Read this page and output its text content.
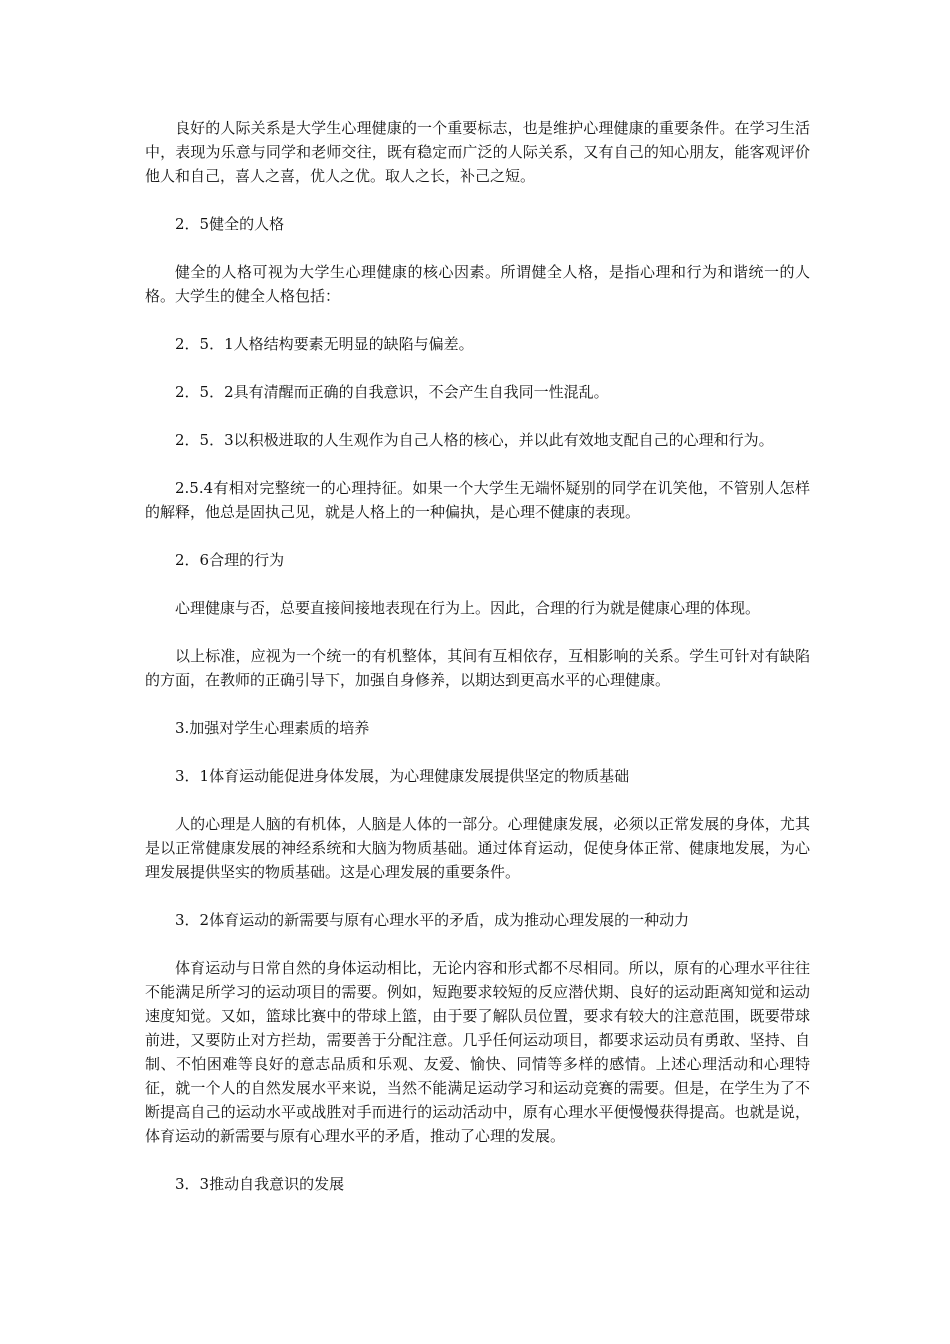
良好的人际关系是大学生心理健康的一个重要标志，也是维护心理健康的重要条件。在学习生活中，表现为乐意与同学和老师交往，既有稳定而广泛的人际关系，又有自己的知心朋友，能客观评价他人和自己，喜人之喜，优人之优。取人之长，补己之短。

2．5健全的人格

健全的人格可视为大学生心理健康的核心因素。所谓健全人格，是指心理和行为和谐统一的人格。大学生的健全人格包括：

2．5．1人格结构要素无明显的缺陷与偏差。

2．5．2具有清醒而正确的自我意识，不会产生自我同一性混乱。

2．5．3以积极进取的人生观作为自己人格的核心，并以此有效地支配自己的心理和行为。

2.5.4有相对完整统一的心理持征。如果一个大学生无端怀疑别的同学在讥笑他，不管别人怎样的解释，他总是固执己见，就是人格上的一种偏执，是心理不健康的表现。

2．6合理的行为

心理健康与否，总要直接间接地表现在行为上。因此，合理的行为就是健康心理的体现。

以上标准，应视为一个统一的有机整体，其间有互相依存，互相影响的关系。学生可针对有缺陷的方面，在教师的正确引导下，加强自身修养，以期达到更高水平的心理健康。

3.加强对学生心理素质的培养

3．1体育运动能促进身体发展，为心理健康发展提供坚定的物质基础

人的心理是人脑的有机体，人脑是人体的一部分。心理健康发展，必须以正常发展的身体，尤其是以正常健康发展的神经系统和大脑为物质基础。通过体育运动，促使身体正常、健康地发展，为心理发展提供坚实的物质基础。这是心理发展的重要条件。

3．2体育运动的新需要与原有心理水平的矛盾，成为推动心理发展的一种动力

体育运动与日常自然的身体运动相比，无论内容和形式都不尽相同。所以，原有的心理水平往往不能满足所学习的运动项目的需要。例如，短跑要求较短的反应潜伏期、良好的运动距离知觉和运动速度知觉。又如，篮球比赛中的带球上篮，由于要了解队员位置，要求有较大的注意范围，既要带球前进，又要防止对方拦劫，需要善于分配注意。几乎任何运动项目，都要求运动员有勇敢、坚持、自制、不怕困难等良好的意志品质和乐观、友爱、愉快、同情等多样的感情。上述心理活动和心理特征，就一个人的自然发展水平来说，当然不能满足运动学习和运动竞赛的需要。但是，在学生为了不断提高自己的运动水平或战胜对手而进行的运动活动中，原有心理水平便慢慢获得提高。也就是说，体育运动的新需要与原有心理水平的矛盾，推动了心理的发展。

3．3推动自我意识的发展
